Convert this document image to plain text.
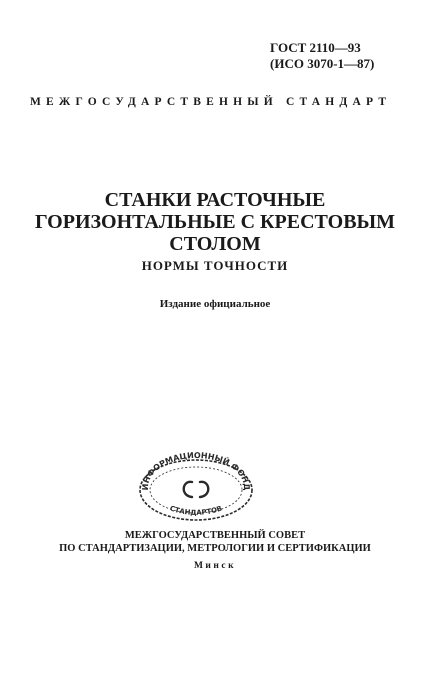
ГОСТ 2110—93
(ИСО 3070-1—87)
МЕЖГОСУДАРСТВЕННЫЙ СТАНДАРТ
СТАНКИ РАСТОЧНЫЕ
ГОРИЗОНТАЛЬНЫЕ С КРЕСТОВЫМ
СТОЛОМ
НОРМЫ ТОЧНОСТИ
Издание официальное
ИНФОРМАЦИОННЫЙ ФОНД
СТАНДАРТОВ
МЕЖГОСУДАРСТВЕННЫЙ СОВЕТ
ПО СТАНДАРТИЗАЦИИ, МЕТРОЛОГИИ И СЕРТИФИКАЦИИ
Минск
